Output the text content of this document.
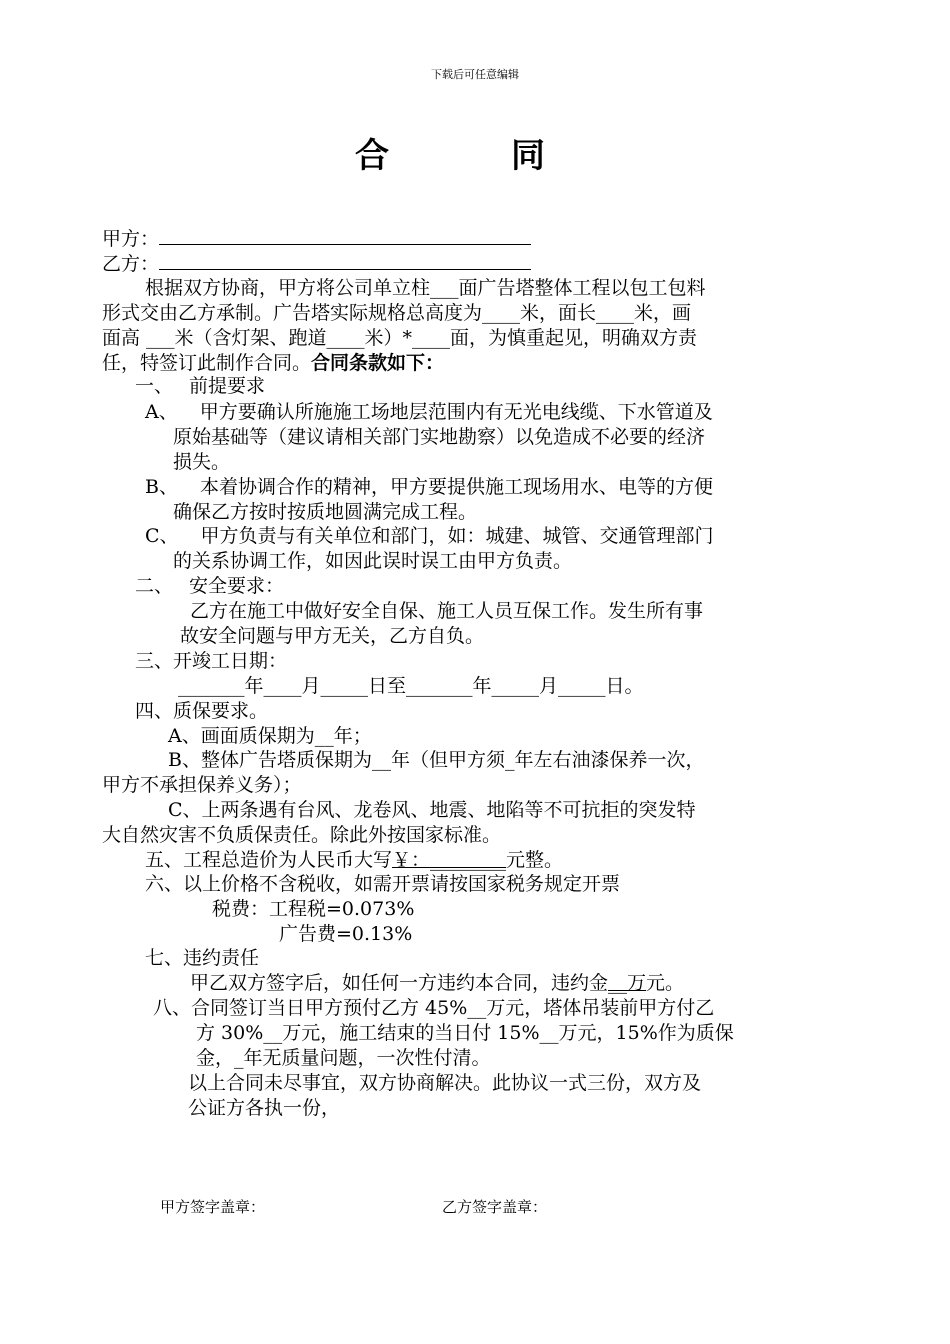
下载后可任意编辑
合	同

甲方：

乙方：

根据双方协商，甲方将公司单立柱___面广告塔整体工程以包工包料

形式交由乙方承制。广告塔实际规格总高度为____米，面长____米，画

面高 ___米（含灯架、跑道____米）*____面，为慎重起见，明确双方责

任，特签订此制作合同。合同条款如下：

一、 前提要求

A、 甲方要确认所施施工场地层范围内有无光电线缆、下水管道及

原始基础等（建议请相关部门实地勘察）以免造成不必要的经济

损失。

B、 本着协调合作的精神，甲方要提供施工现场用水、电等的方便

确保乙方按时按质地圆满完成工程。

C、 甲方负责与有关单位和部门，如：城建、城管、交通管理部门

的关系协调工作，如因此误时误工由甲方负责。

二、 安全要求：

乙方在施工中做好安全自保、施工人员互保工作。发生所有事

故安全问题与甲方无关，乙方自负。

三、开竣工日期：

_______年____月_____日至_______年_____月_____日。

四、质保要求。

A、画面质保期为__年；

B、整体广告塔质保期为__年（但甲方须_年左右油漆保养一次，

甲方不承担保养义务）；

C、上两条遇有台风、龙卷风、地震、地陷等不可抗拒的突发特

大自然灾害不负质保责任。除此外按国家标准。

五、工程总造价为人民币大写￥：________元整。

六、以上价格不含税收，如需开票请按国家税务规定开票

税费：工程税=0.073%

广告费=0.13%

七、违约责任

甲乙双方签字后，如任何一方违约本合同，违约金__万元。

八、合同签订当日甲方预付乙方 45%__万元，塔体吊装前甲方付乙

方 30%__万元，施工结束的当日付 15%__万元，15%作为质保

金，_年无质量问题，一次性付清。

以上合同未尽事宜，双方协商解决。此协议一式三份，双方及

公证方各执一份，

甲方签字盖章：	乙方签字盖章：
